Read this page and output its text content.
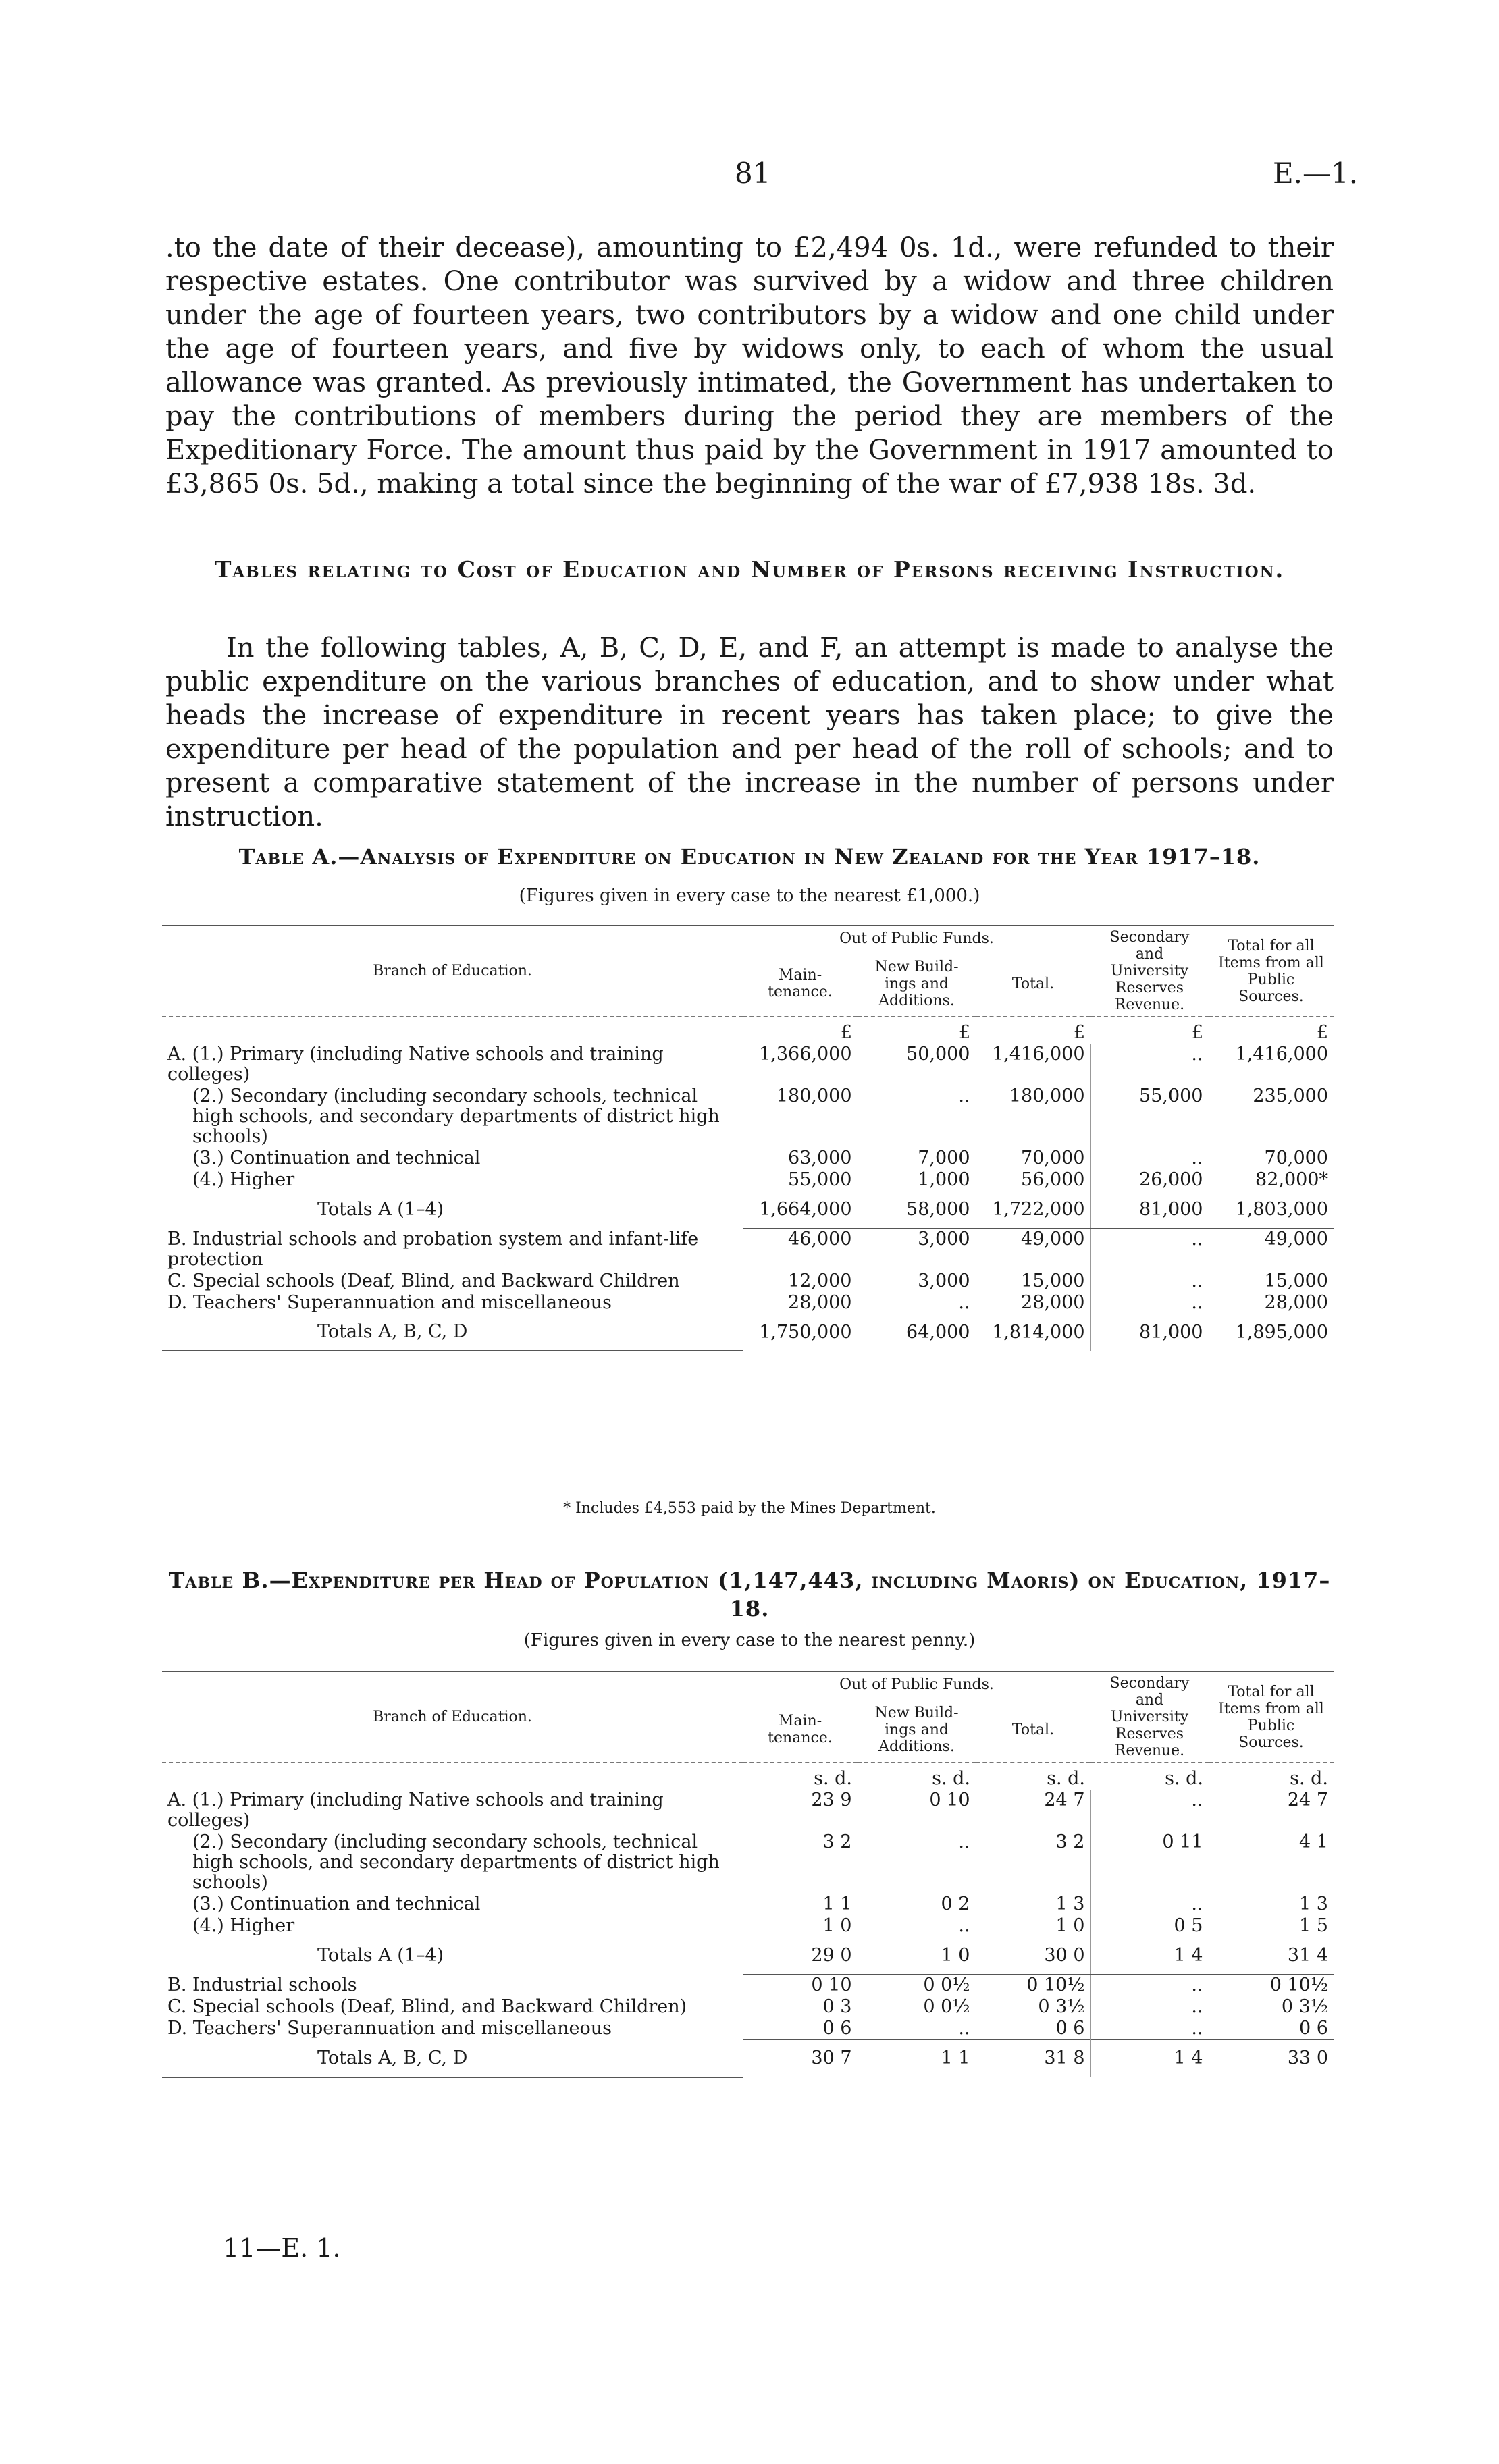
81	E.—1.

.to the date of their decease), amounting to £2,494 0s. 1d., were refunded to their respective estates. One contributor was survived by a widow and three children under the age of fourteen years, two contributors by a widow and one child under the age of fourteen years, and five by widows only, to each of whom the usual allowance was granted. As previously intimated, the Government has undertaken to pay the contributions of members during the period they are members of the Expeditionary Force. The amount thus paid by the Government in 1917 amounted to £3,865 0s. 5d., making a total since the beginning of the war of £7,938 18s. 3d.

Tables relating to Cost of Education and Number of Persons receiving Instruction.

In the following tables, A, B, C, D, E, and F, an attempt is made to analyse the public expenditure on the various branches of education, and to show under what heads the increase of expenditure in recent years has taken place; to give the expenditure per head of the population and per head of the roll of schools; and to present a comparative statement of the increase in the number of persons under instruction.

Table A.—Analysis of Expenditure on Education in New Zealand for the Year 1917–18.

(Figures given in every case to the nearest £1,000.)

Branch of Education.	Out of Public Funds.			Secondary and University Reserves Revenue.	Total for all Items from all Public Sources.
	Main-tenance.	New Build-ings and Additions.	Total.		
	£	£	£	£	£
A. (1.) Primary (including Native schools and training colleges)	1,366,000	50,000	1,416,000	..	1,416,000
(2.) Secondary (including secondary schools, technical high schools, and secondary departments of district high schools)	180,000	..	180,000	55,000	235,000
(3.) Continuation and technical	63,000	7,000	70,000	..	70,000
(4.) Higher	55,000	1,000	56,000	26,000	82,000*
Totals A (1–4)	1,664,000	58,000	1,722,000	81,000	1,803,000
B. Industrial schools and probation system and infant-life protection	46,000	3,000	49,000	..	49,000
C. Special schools (Deaf, Blind, and Backward Children	12,000	3,000	15,000	..	15,000
D. Teachers' Superannuation and miscellaneous	28,000	..	28,000	..	28,000
Totals A, B, C, D	1,750,000	64,000	1,814,000	81,000	1,895,000

* Includes £4,553 paid by the Mines Department.

Table B.—Expenditure per Head of Population (1,147,443, including Maoris) on Education, 1917–18.

(Figures given in every case to the nearest penny.)

Branch of Education.	Out of Public Funds.			Secondary and University Reserves Revenue.	Total for all Items from all Public Sources.
	Main-tenance.	New Build-ings and Additions.	Total.		
	s. d.	s. d.	s. d.	s. d.	s. d.
A. (1.) Primary (including Native schools and training colleges)	23 9	0 10	24 7	..	24 7
(2.) Secondary (including secondary schools, technical high schools, and secondary departments of district high schools)	3 2	..	3 2	0 11	4 1
(3.) Continuation and technical	1 1	0 2	1 3	..	1 3
(4.) Higher	1 0	..	1 0	0 5	1 5
Totals A (1–4)	29 0	1 0	30 0	1 4	31 4
B. Industrial schools	0 10	0 0½	0 10½	..	0 10½
C. Special schools (Deaf, Blind, and Backward Children)	0 3	0 0½	0 3½	..	0 3½
D. Teachers' Superannuation and miscellaneous	0 6	..	0 6	..	0 6
Totals A, B, C, D	30 7	1 1	31 8	1 4	33 0

11—E. 1.
